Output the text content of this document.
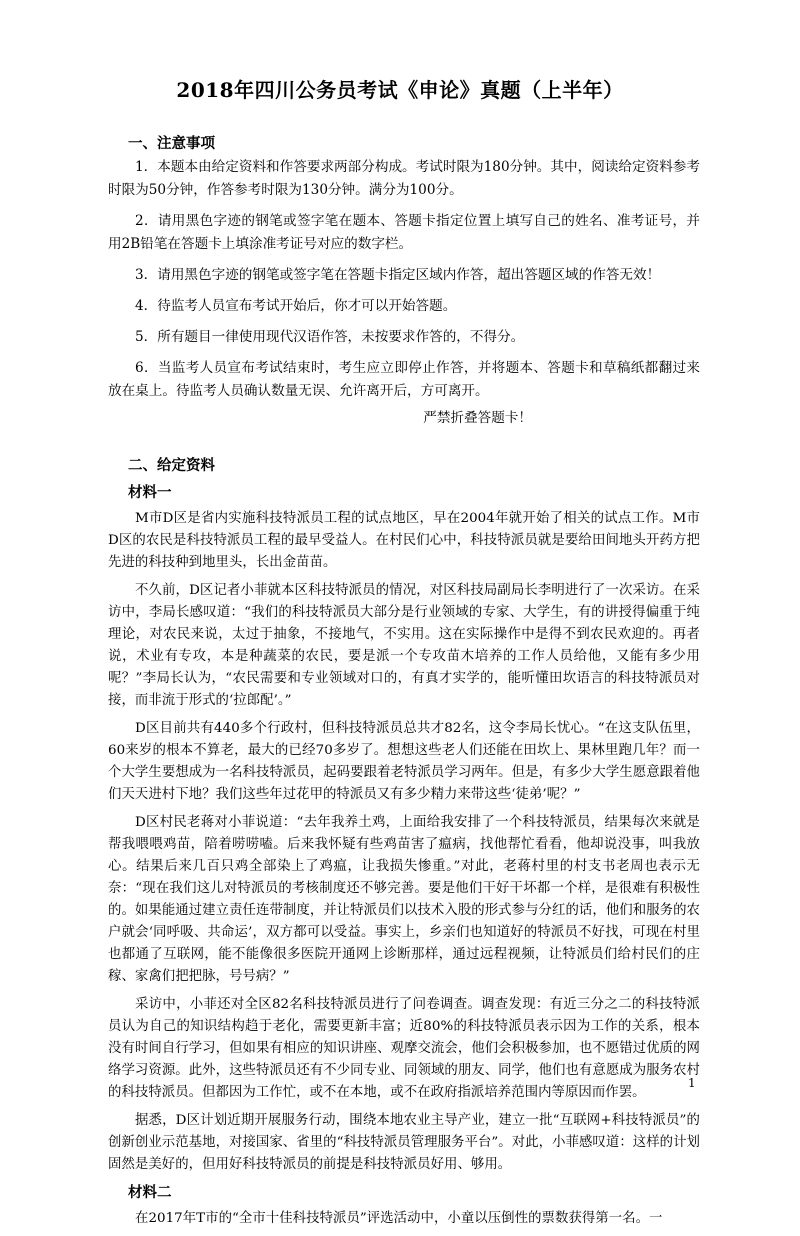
2018年四川公务员考试《申论》真题（上半年）
一、注意事项

1．本题本由给定资料和作答要求两部分构成。考试时限为180分钟。其中，阅读给定资料参考时限为50分钟，作答参考时限为130分钟。满分为100分。

2．请用黑色字迹的钢笔或签字笔在题本、答题卡指定位置上填写自己的姓名、准考证号，并用2B铅笔在答题卡上填涂准考证号对应的数字栏。

3．请用黑色字迹的钢笔或签字笔在答题卡指定区域内作答，超出答题区域的作答无效！

4．待监考人员宣布考试开始后，你才可以开始答题。

5．所有题目一律使用现代汉语作答，未按要求作答的，不得分。

6．当监考人员宣布考试结束时，考生应立即停止作答，并将题本、答题卡和草稿纸都翻过来放在桌上。待监考人员确认数量无误、允许离开后，方可离开。

严禁折叠答题卡！
二、给定资料
材料一

M市D区是省内实施科技特派员工程的试点地区，早在2004年就开始了相关的试点工作。M市D区的农民是科技特派员工程的最早受益人。在村民们心中，科技特派员就是要给田间地头开药方把先进的科技种到地里头，长出金苗苗。

不久前，D区记者小菲就本区科技特派员的情况，对区科技局副局长李明进行了一次采访。在采访中，李局长感叹道：“我们的科技特派员大部分是行业领域的专家、大学生，有的讲授得偏重于纯理论，对农民来说，太过于抽象，不接地气，不实用。这在实际操作中是得不到农民欢迎的。再者说，术业有专攻，本是种蔬菜的农民，要是派一个专攻苗木培养的工作人员给他，又能有多少用呢？”李局长认为，“农民需要和专业领域对口的，有真才实学的，能听懂田坎语言的科技特派员对接，而非流于形式的‘拉郎配’。”

D区目前共有440多个行政村，但科技特派员总共才82名，这令李局长忧心。“在这支队伍里，60来岁的根本不算老，最大的已经70多岁了。想想这些老人们还能在田坎上、果林里跑几年？而一个大学生要想成为一名科技特派员，起码要跟着老特派员学习两年。但是，有多少大学生愿意跟着他们天天进村下地？我们这些年过花甲的特派员又有多少精力来带这些‘徒弟’呢？”

D区村民老蒋对小菲说道：“去年我养土鸡，上面给我安排了一个科技特派员，结果每次来就是帮我喂喂鸡苗，陪着唠唠嗑。后来我怀疑有些鸡苗害了瘟病，找他帮忙看看，他却说没事，叫我放心。结果后来几百只鸡全部染上了鸡瘟，让我损失惨重。”对此，老蒋村里的村支书老周也表示无奈：“现在我们这儿对特派员的考核制度还不够完善。要是他们干好干坏都一个样，是很难有积极性的。如果能通过建立责任连带制度，并让特派员们以技术入股的形式参与分红的话，他们和服务的农户就会‘同呼吸、共命运’，双方都可以受益。事实上，乡亲们也知道好的特派员不好找，可现在村里也都通了互联网，能不能像很多医院开通网上诊断那样，通过远程视频，让特派员们给村民们的庄稼、家禽们把把脉，号号病？”

采访中，小菲还对全区82名科技特派员进行了问卷调查。调查发现：有近三分之二的科技特派员认为自己的知识结构趋于老化，需要更新丰富；近80%的科技特派员表示因为工作的关系，根本没有时间自行学习，但如果有相应的知识讲座、观摩交流会，他们会积极参加，也不愿错过优质的网络学习资源。此外，这些特派员还有不少同专业、同领域的朋友、同学，他们也有意愿成为服务农村的科技特派员。但都因为工作忙，或不在本地，或不在政府指派培养范围内等原因而作罢。

据悉，D区计划近期开展服务行动，围绕本地农业主导产业，建立一批“互联网+科技特派员”的创新创业示范基地，对接国家、省里的“科技特派员管理服务平台”。对此，小菲感叹道：这样的计划固然是美好的，但用好科技特派员的前提是科技特派员好用、够用。

材料二

在2017年T市的“全市十佳科技特派员”评选活动中，小童以压倒性的票数获得第一名。一

1
